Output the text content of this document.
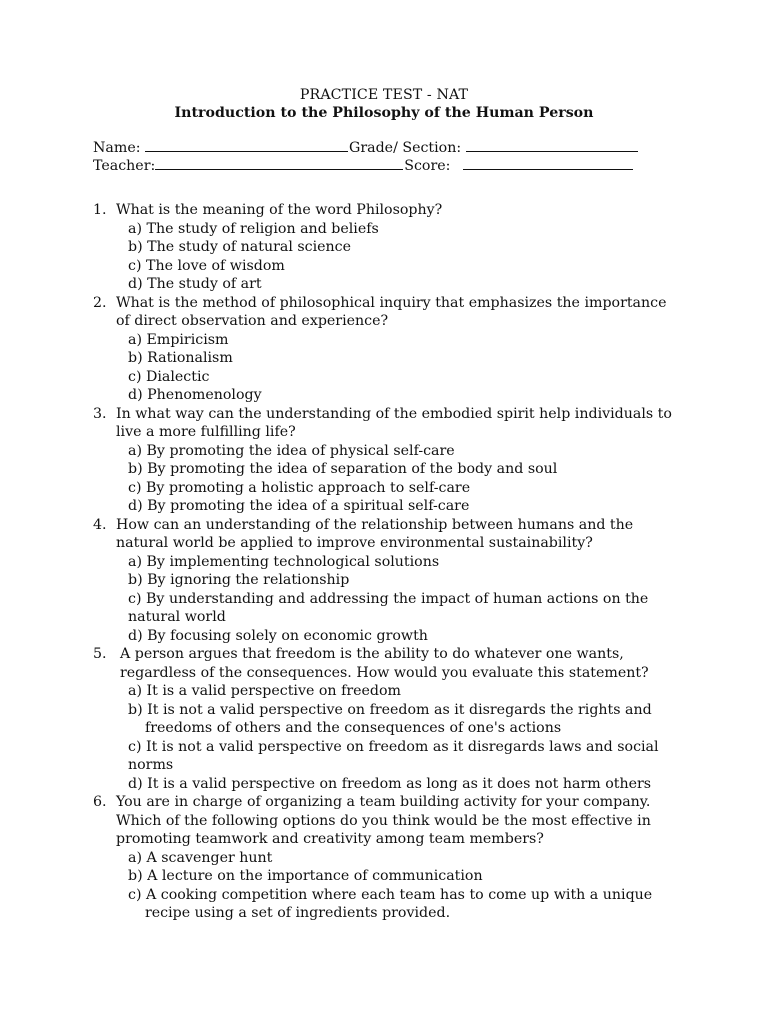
PRACTICE TEST - NAT
Introduction to the Philosophy of the Human Person
Name:	Grade/ Section:
Teacher:	Score:
1. What is the meaning of the word Philosophy?
a) The study of religion and beliefs
b) The study of natural science
c) The love of wisdom
d) The study of art
2. What is the method of philosophical inquiry that emphasizes the importance of direct observation and experience?
a) Empiricism
b) Rationalism
c) Dialectic
d) Phenomenology
3. In what way can the understanding of the embodied spirit help individuals to live a more fulfilling life?
a) By promoting the idea of physical self-care
b) By promoting the idea of separation of the body and soul
c) By promoting a holistic approach to self-care
d) By promoting the idea of a spiritual self-care
4. How can an understanding of the relationship between humans and the natural world be applied to improve environmental sustainability?
a) By implementing technological solutions
b) By ignoring the relationship
c) By understanding and addressing the impact of human actions on the natural world
d) By focusing solely on economic growth
5. A person argues that freedom is the ability to do whatever one wants, regardless of the consequences. How would you evaluate this statement?
a) It is a valid perspective on freedom
b) It is not a valid perspective on freedom as it disregards the rights and freedoms of others and the consequences of one's actions
c) It is not a valid perspective on freedom as it disregards laws and social norms
d) It is a valid perspective on freedom as long as it does not harm others
6. You are in charge of organizing a team building activity for your company. Which of the following options do you think would be the most effective in promoting teamwork and creativity among team members?
a) A scavenger hunt
b) A lecture on the importance of communication
c) A cooking competition where each team has to come up with a unique recipe using a set of ingredients provided.
